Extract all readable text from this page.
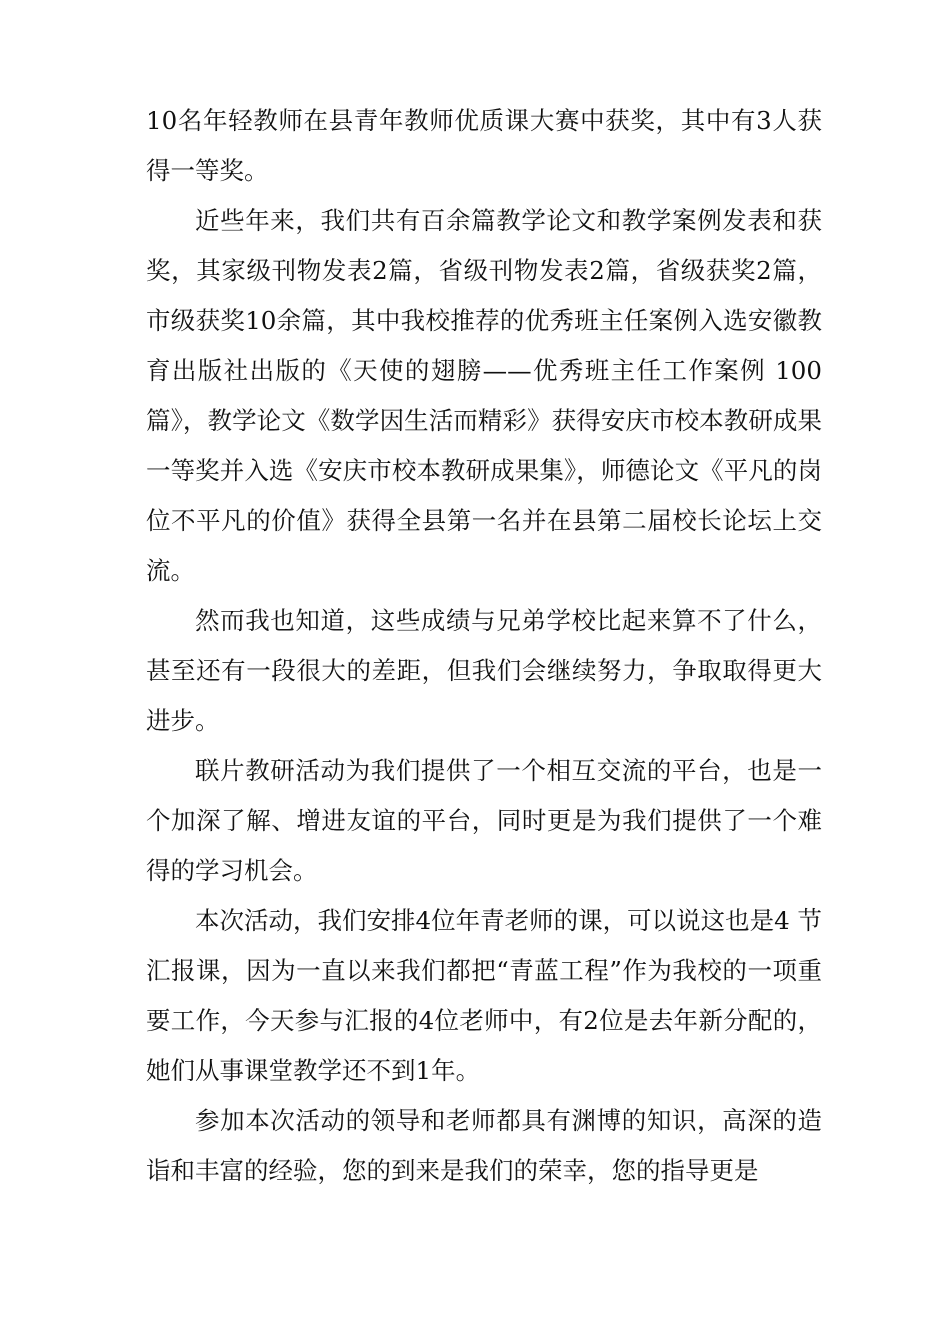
10名年轻教师在县青年教师优质课大赛中获奖，其中有3人获得一等奖。

近些年来，我们共有百余篇教学论文和教学案例发表和获奖，其家级刊物发表2篇，省级刊物发表2篇，省级获奖2篇，市级获奖10余篇，其中我校推荐的优秀班主任案例入选安徽教育出版社出版的《天使的翅膀——优秀班主任工作案例 100 篇》，教学论文《数学因生活而精彩》获得安庆市校本教研成果一等奖并入选《安庆市校本教研成果集》，师德论文《平凡的岗位不平凡的价值》获得全县第一名并在县第二届校长论坛上交流。

然而我也知道，这些成绩与兄弟学校比起来算不了什么，甚至还有一段很大的差距，但我们会继续努力，争取取得更大进步。

联片教研活动为我们提供了一个相互交流的平台，也是一个加深了解、增进友谊的平台，同时更是为我们提供了一个难得的学习机会。

本次活动，我们安排4位年青老师的课，可以说这也是4 节汇报课，因为一直以来我们都把“青蓝工程”作为我校的一项重要工作，今天参与汇报的4位老师中，有2位是去年新分配的，她们从事课堂教学还不到1年。

参加本次活动的领导和老师都具有渊博的知识，高深的造诣和丰富的经验，您的到来是我们的荣幸，您的指导更是
